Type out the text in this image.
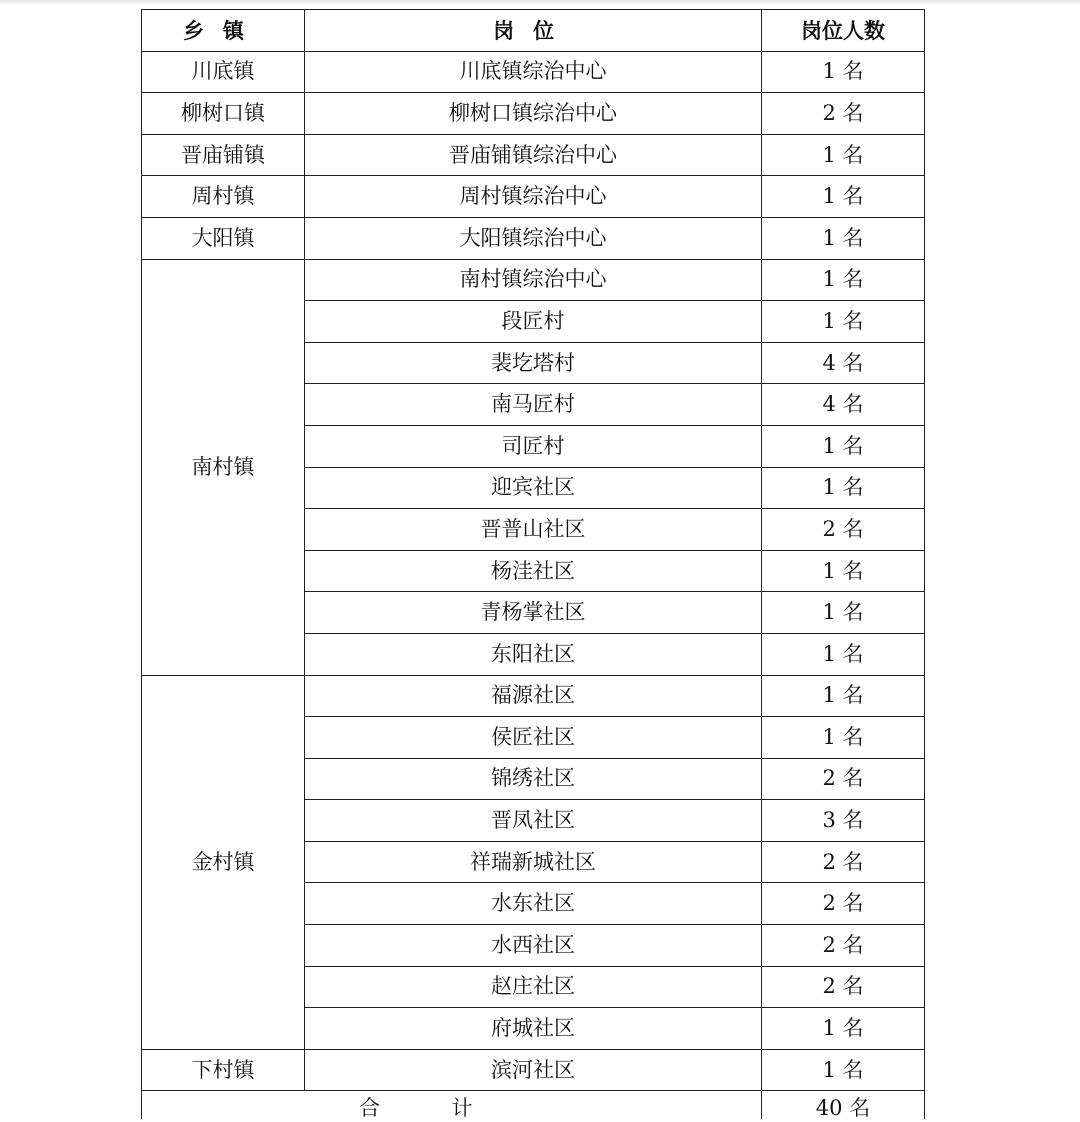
乡镇	岗位	岗位人数
川底镇	川底镇综治中心	1 名
柳树口镇	柳树口镇综治中心	2 名
晋庙铺镇	晋庙铺镇综治中心	1 名
周村镇	周村镇综治中心	1 名
大阳镇	大阳镇综治中心	1 名
南村镇	南村镇综治中心	1 名
	段匠村	1 名
	裴圪塔村	4 名
	南马匠村	4 名
	司匠村	1 名
	迎宾社区	1 名
	晋普山社区	2 名
	杨洼社区	1 名
	青杨掌社区	1 名
	东阳社区	1 名
金村镇	福源社区	1 名
	侯匠社区	1 名
	锦绣社区	2 名
	晋凤社区	3 名
	祥瑞新城社区	2 名
	水东社区	2 名
	水西社区	2 名
	赵庄社区	2 名
	府城社区	1 名
下村镇	滨河社区	1 名
合计		40 名
